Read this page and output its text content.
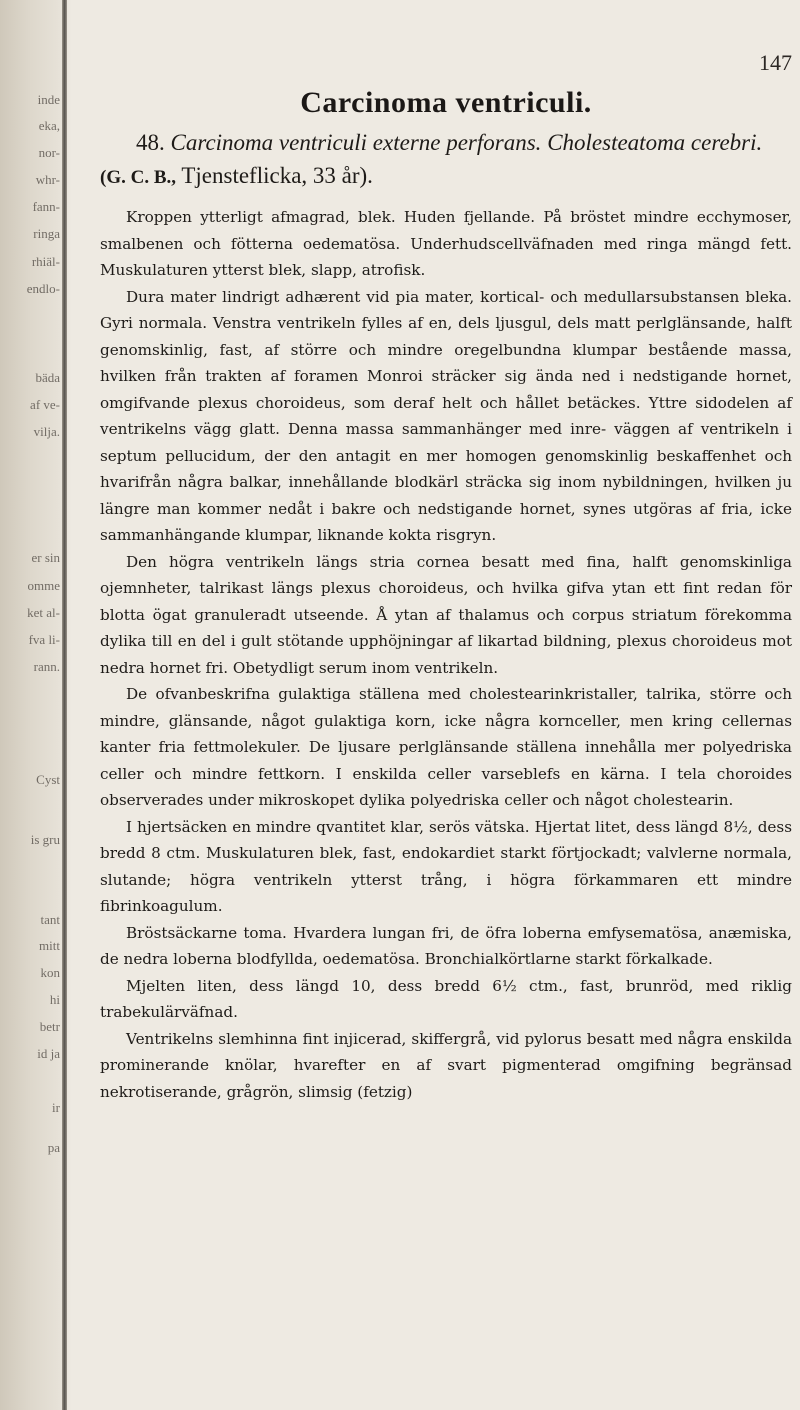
inde
eka,
nor-
whr-
fann-
ringa
rhiäl-
endlo-
bäda
af ve-
vilja.
er sin
omme
ket al-
fva li-
rann.
Cyst
is gru
tant
mitt
kon
hi
betr
id ja
ir
pa
147
Carcinoma ventriculi.
48. Carcinoma ventriculi externe perforans. Cholesteatoma cerebri. (G. C. B., Tjensteflicka, 33 år).

Kroppen ytterligt afmagrad, blek. Huden fjellande. På bröstet mindre ecchymoser, smalbenen och fötterna oedematösa. Underhudscellväfnaden med ringa mängd fett. Muskulaturen ytterst blek, slapp, atrofisk.

Dura mater lindrigt adhærent vid pia mater, kortical- och medullarsubstansen bleka. Gyri normala. Venstra ventrikeln fylles af en, dels ljusgul, dels matt perlglänsande, halft genomskinlig, fast, af större och mindre oregelbundna klumpar bestående massa, hvilken från trakten af foramen Monroi sträcker sig ända ned i nedstigande hornet, omgifvande plexus choroideus, som deraf helt och hållet betäckes. Yttre sidodelen af ventrikelns vägg glatt. Denna massa sammanhänger med inre- väggen af ventrikeln i septum pellucidum, der den antagit en mer homogen genomskinlig beskaffenhet och hvarifrån några balkar, innehållande blodkärl sträcka sig inom nybildningen, hvilken ju längre man kommer nedåt i bakre och nedstigande hornet, synes utgöras af fria, icke sammanhängande klumpar, liknande kokta risgryn.

Den högra ventrikeln längs stria cornea besatt med fina, halft genomskinliga ojemnheter, talrikast längs plexus choroideus, och hvilka gifva ytan ett fint redan för blotta ögat granuleradt utseende. Å ytan af thalamus och corpus striatum förekomma dylika till en del i gult stötande upphöjningar af likartad bildning, plexus choroideus mot nedra hornet fri. Obetydligt serum inom ventrikeln.

De ofvanbeskrifna gulaktiga ställena med cholestearinkristaller, talrika, större och mindre, glänsande, något gulaktiga korn, icke några kornceller, men kring cellernas kanter fria fettmolekuler. De ljusare perlglänsande ställena innehålla mer polyedriska celler och mindre fettkorn. I enskilda celler varseblefs en kärna. I tela choroides observerades under mikroskopet dylika polyedriska celler och något cholestearin.

I hjertsäcken en mindre qvantitet klar, serös vätska. Hjertat litet, dess längd 8½, dess bredd 8 ctm. Muskulaturen blek, fast, endokardiet starkt förtjockadt; valvlerne normala, slutande; högra ventrikeln ytterst trång, i högra förkammaren ett mindre fibrinkoagulum.

Bröstsäckarne toma. Hvardera lungan fri, de öfra loberna emfysematösa, anæmiska, de nedra loberna blodfyllda, oedematösa. Bronchialkörtlarne starkt förkalkade.

Mjelten liten, dess längd 10, dess bredd 6½ ctm., fast, brunröd, med riklig trabekulärväfnad.

Ventrikelns slemhinna fint injicerad, skiffergrå, vid pylorus besatt med några enskilda prominerande knölar, hvarefter en af svart pigmenterad omgifning begränsad nekrotiserande, grågrön, slimsig (fetzig)
